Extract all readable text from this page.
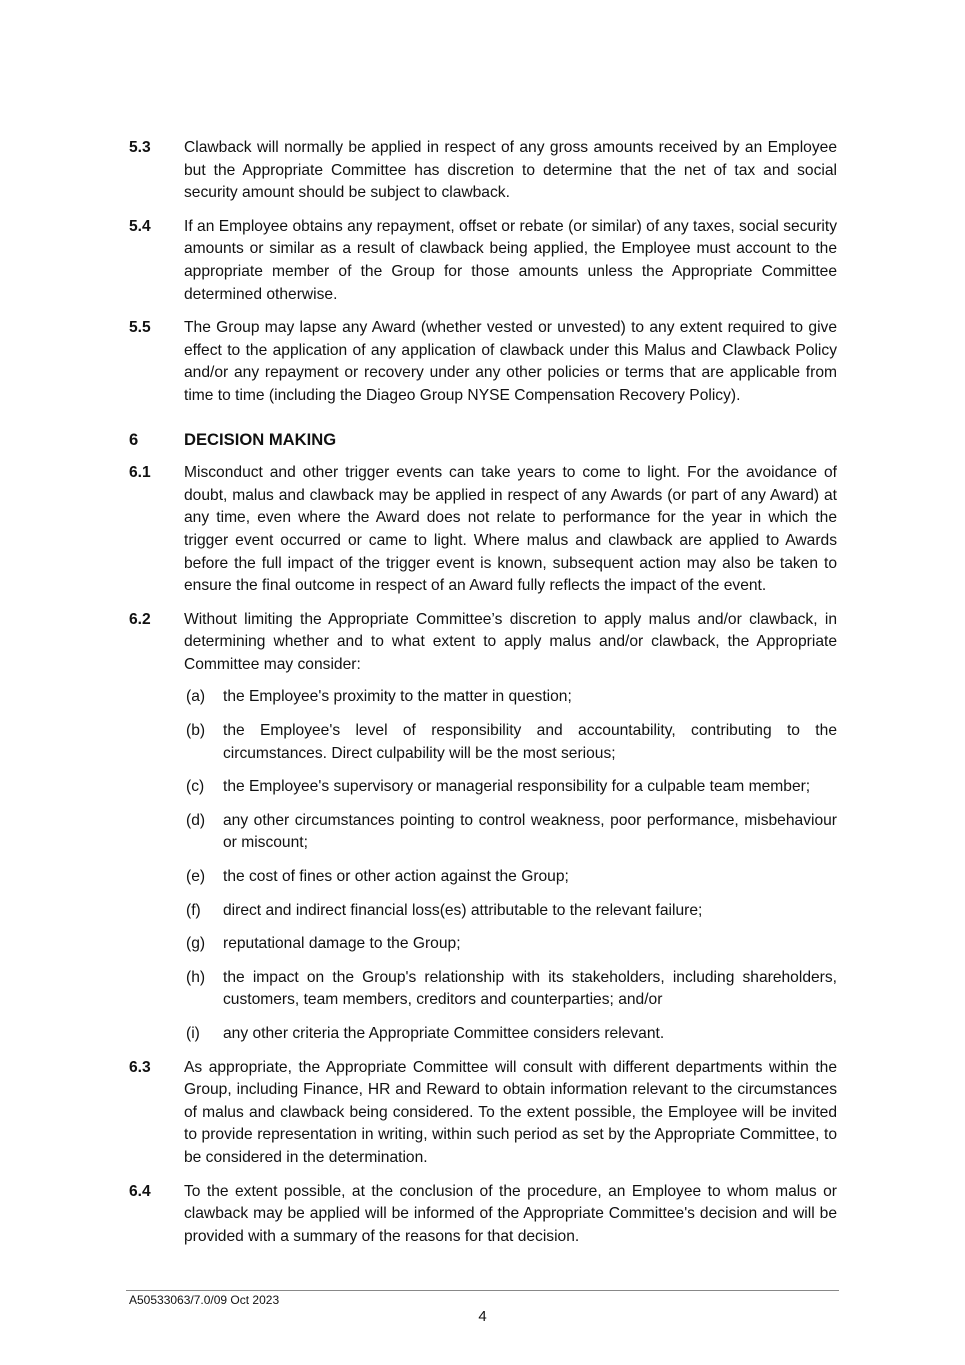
5.3	Clawback will normally be applied in respect of any gross amounts received by an Employee but the Appropriate Committee has discretion to determine that the net of tax and social security amount should be subject to clawback.
5.4	If an Employee obtains any repayment, offset or rebate (or similar) of any taxes, social security amounts or similar as a result of clawback being applied, the Employee must account to the appropriate member of the Group for those amounts unless the Appropriate Committee determined otherwise.
5.5	The Group may lapse any Award (whether vested or unvested) to any extent required to give effect to the application of any application of clawback under this Malus and Clawback Policy and/or any repayment or recovery under any other policies or terms that are applicable from time to time (including the Diageo Group NYSE Compensation Recovery Policy).
6	DECISION MAKING
6.1	Misconduct and other trigger events can take years to come to light. For the avoidance of doubt, malus and clawback may be applied in respect of any Awards (or part of any Award) at any time, even where the Award does not relate to performance for the year in which the trigger event occurred or came to light. Where malus and clawback are applied to Awards before the full impact of the trigger event is known, subsequent action may also be taken to ensure the final outcome in respect of an Award fully reflects the impact of the event.
6.2	Without limiting the Appropriate Committee’s discretion to apply malus and/or clawback, in determining whether and to what extent to apply malus and/or clawback, the Appropriate Committee may consider:
(a)	the Employee's proximity to the matter in question;
(b)	the Employee's level of responsibility and accountability, contributing to the circumstances. Direct culpability will be the most serious;
(c)	the Employee's supervisory or managerial responsibility for a culpable team member;
(d)	any other circumstances pointing to control weakness, poor performance, misbehaviour or miscount;
(e)	the cost of fines or other action against the Group;
(f)	direct and indirect financial loss(es) attributable to the relevant failure;
(g)	reputational damage to the Group;
(h)	the impact on the Group's relationship with its stakeholders, including shareholders, customers, team members, creditors and counterparties; and/or
(i)	any other criteria the Appropriate Committee considers relevant.
6.3	As appropriate, the Appropriate Committee will consult with different departments within the Group, including Finance, HR and Reward to obtain information relevant to the circumstances of malus and clawback being considered. To the extent possible, the Employee will be invited to provide representation in writing, within such period as set by the Appropriate Committee, to be considered in the determination.
6.4	To the extent possible, at the conclusion of the procedure, an Employee to whom malus or clawback may be applied will be informed of the Appropriate Committee's decision and will be provided with a summary of the reasons for that decision.
A50533063/7.0/09 Oct 2023
4
